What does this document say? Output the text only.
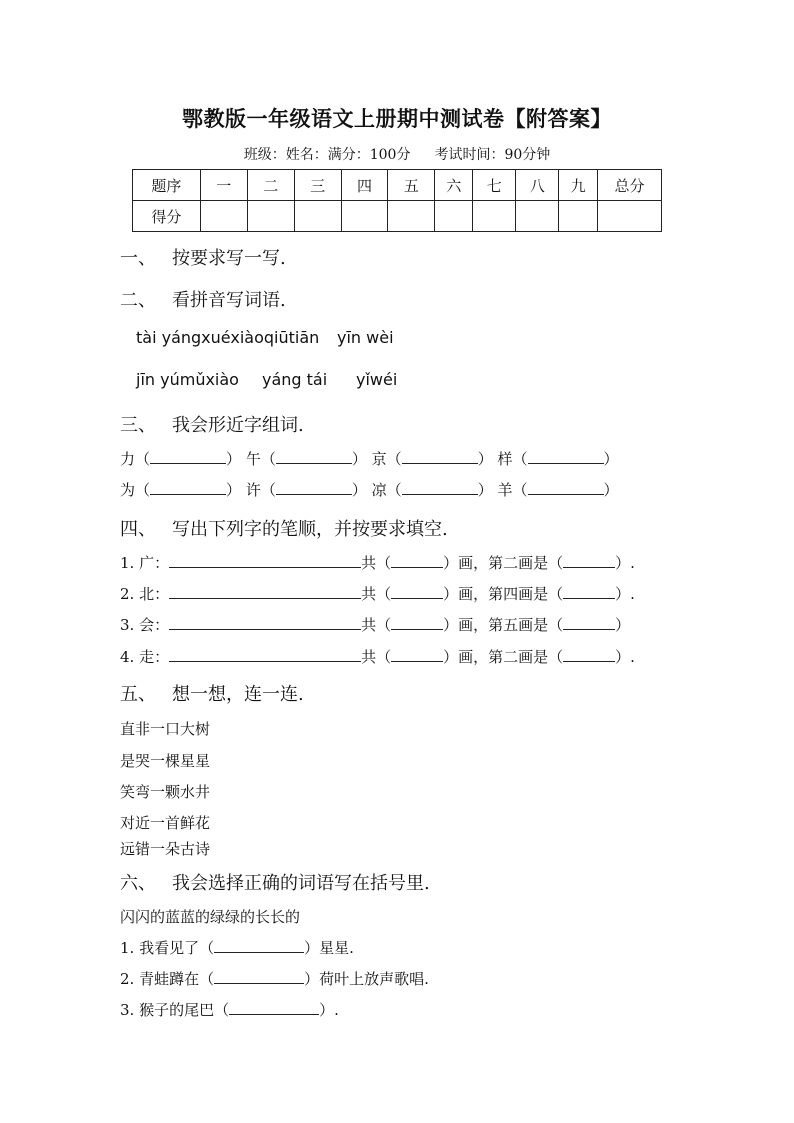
鄂教版一年级语文上册期中测试卷【附答案】
班级：姓名：满分：100分 考试时间：90分钟
题序	一	二	三	四	五	六	七	八	九	总分
得分										
一、 按要求写一写.
二、 看拼音写词语.
tài yángxuéxiàoqiūtiān yīn wèi
jīn yúmǔxiào yáng tái yǐwéi
三、 我会形近字组词.
力（	） 午（	） 京（	） 样（	）
为（	） 许（	） 凉（	） 羊（	）
四、 写出下列字的笔顺，并按要求填空.
1. 广：	共（	）画，第二画是（	）.
2. 北：	共（	）画，第四画是（	）.
3. 会：	共（	）画，第五画是（	）
4. 走：	共（	）画，第二画是（	）.
五、 想一想，连一连.
直非一口大树
是哭一棵星星
笑弯一颗水井
对近一首鲜花
远错一朵古诗
六、 我会选择正确的词语写在括号里.
闪闪的蓝蓝的绿绿的长长的
1. 我看见了（	）星星.
2. 青蛙蹲在（	）荷叶上放声歌唱.
3. 猴子的尾巴（	）.
